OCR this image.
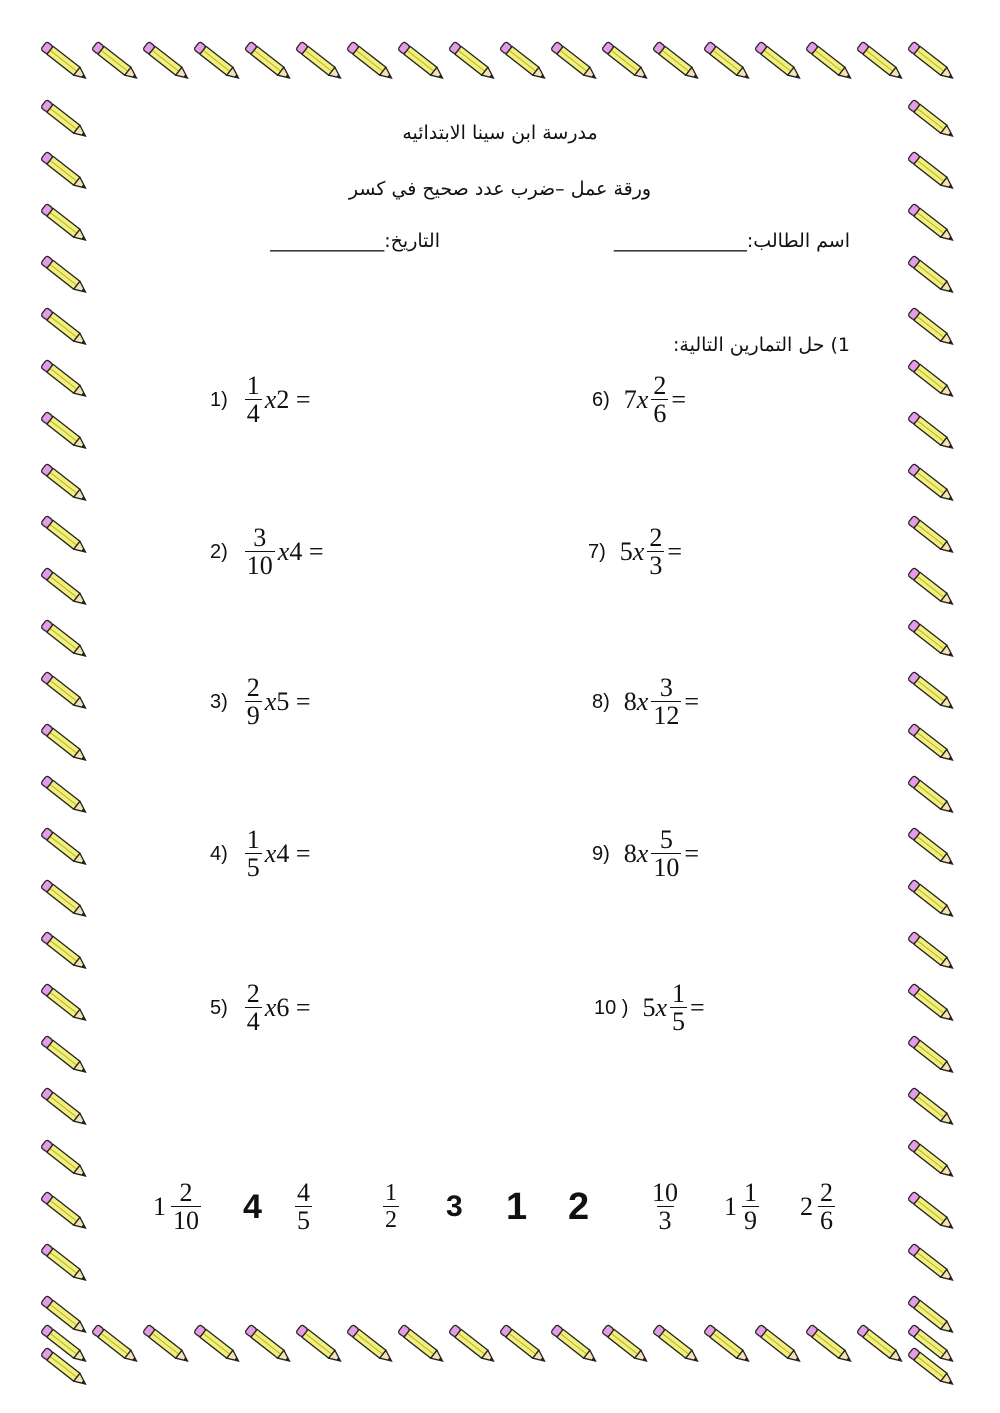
مدرسة ابن سينا الابتدائيه
ورقة عمل –ضرب عدد صحيح في كسر
اسم الطالب:______________
التاريخ:____________
1) حل التمارين التالية:
$1) \frac{1}{4}$ x 2 =
$2) \frac{3}{10}$ x 4 =
$3) \frac{2}{9}$ x 5 =
$4) \frac{1}{5}$ x 4 =
$5) \frac{2}{4}$ x 6 =
6) 7 x $\frac{2}{6}$ =
7) 5 x $\frac{2}{3}$ =
8) 8 x $\frac{3}{12}$ =
9) 8 x $\frac{5}{10}$ =
10 ) 5 x $\frac{1}{5}$ =
$1 \frac{2}{10} 4 \frac{4}{5}$	$\frac{1}{2} 3$ 1 $2 \frac{10}{3} 1 \frac{1}{9} 2 \frac{2}{6}$
